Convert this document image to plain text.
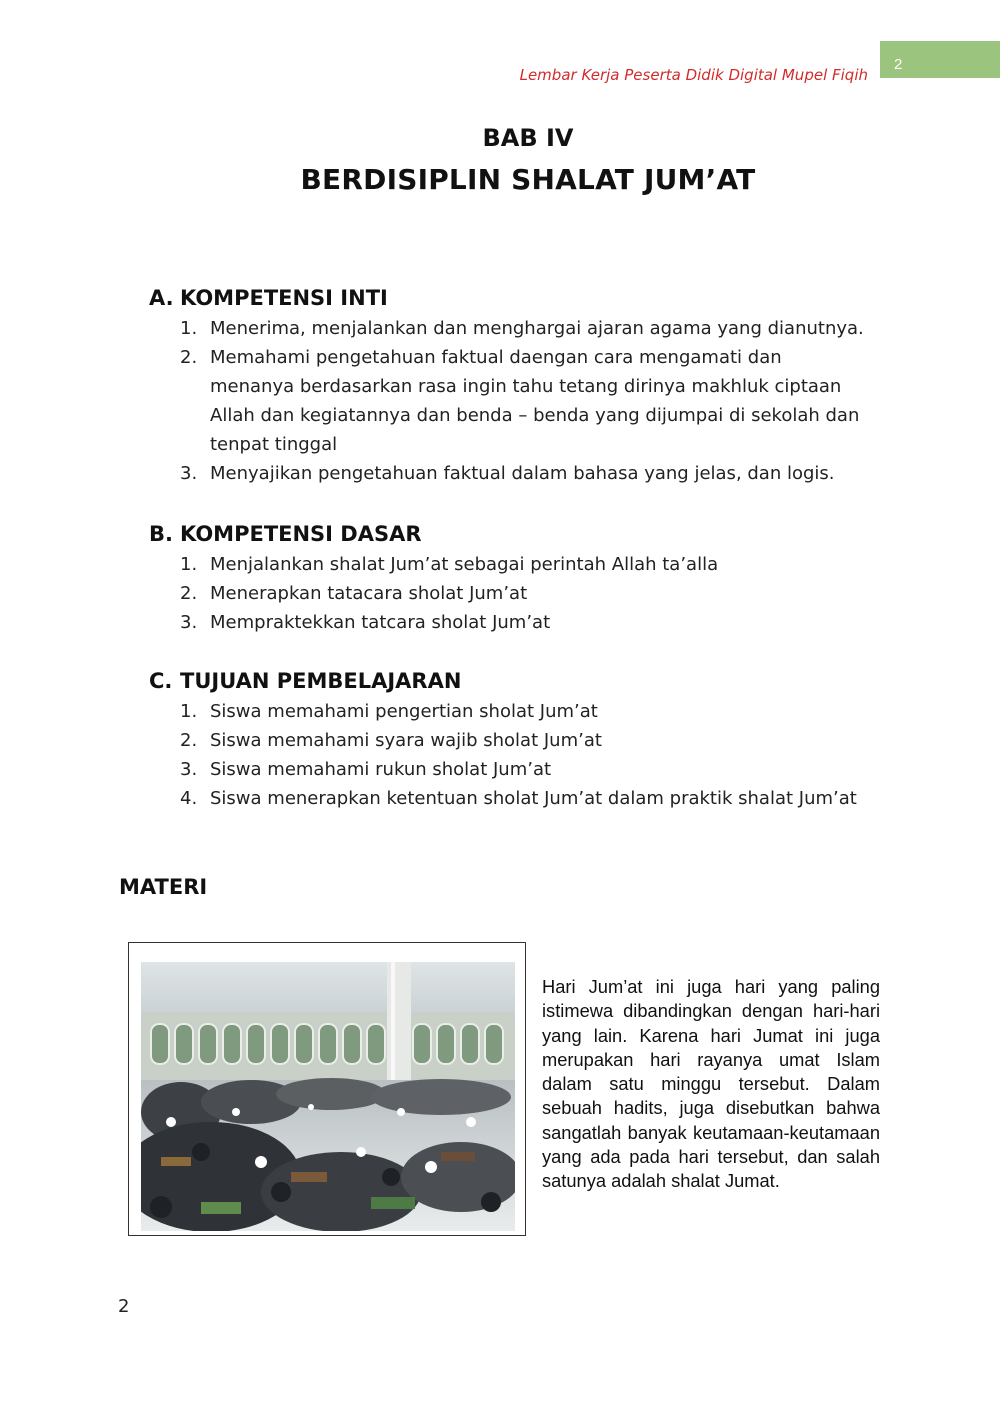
2
Lembar Kerja Peserta Didik Digital Mupel Fiqih
BAB IV
BERDISIPLIN SHALAT JUM’AT
A. KOMPETENSI INTI
1. Menerima, menjalankan dan menghargai ajaran agama yang dianutnya.
2. Memahami pengetahuan faktual daengan cara mengamati dan menanya berdasarkan rasa ingin tahu tetang dirinya makhluk ciptaan Allah dan kegiatannya dan benda – benda yang dijumpai di sekolah dan tenpat tinggal
3. Menyajikan pengetahuan faktual dalam bahasa yang jelas, dan logis.
B. KOMPETENSI DASAR
1. Menjalankan shalat Jum’at sebagai perintah Allah ta’alla
2. Menerapkan tatacara sholat Jum’at
3. Mempraktekkan tatcara sholat Jum’at
C. TUJUAN PEMBELAJARAN
1. Siswa memahami pengertian sholat Jum’at
2. Siswa memahami syara wajib sholat Jum’at
3. Siswa memahami rukun sholat Jum’at
4. Siswa menerapkan ketentuan sholat Jum’at dalam praktik shalat Jum’at
MATERI
Hari Jum’at ini juga hari yang paling istimewa dibandingkan dengan hari-hari yang lain. Karena hari Jumat ini juga merupakan hari rayanya umat Islam dalam satu minggu tersebut. Dalam sebuah hadits, juga disebutkan bahwa sangatlah banyak keutamaan-keutamaan yang ada pada hari tersebut, dan salah satunya adalah shalat Jumat.
2
